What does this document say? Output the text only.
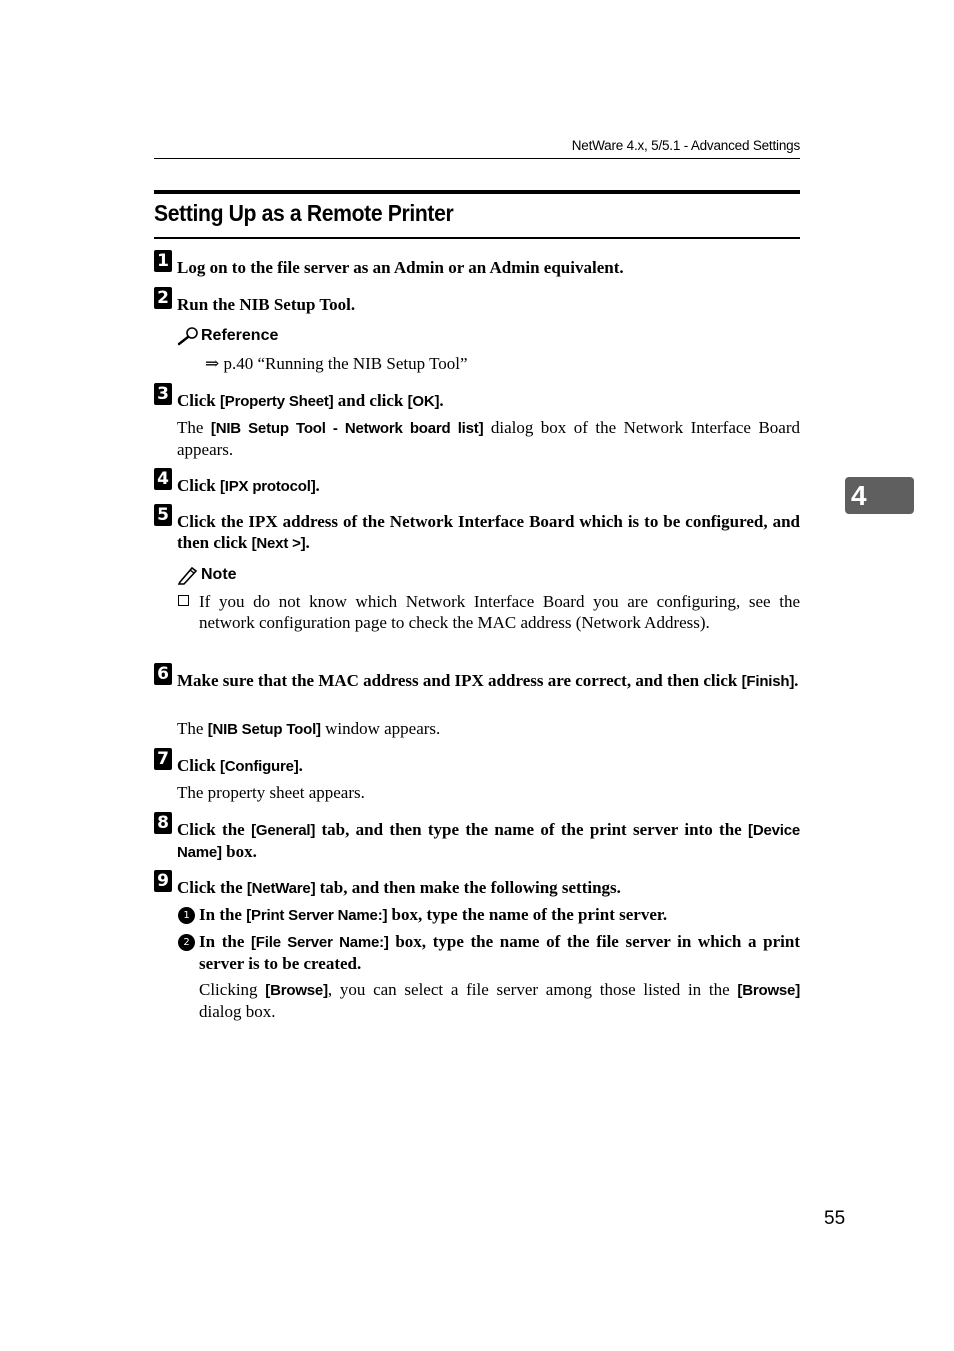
NetWare 4.x, 5/5.1 - Advanced Settings
Setting Up as a Remote Printer
4
1 Log on to the file server as an Admin or an Admin equivalent.
2 Run the NIB Setup Tool.
Reference
⇒ p.40 “Running the NIB Setup Tool”
3 Click [Property Sheet] and click [OK].
The [NIB Setup Tool - Network board list] dialog box of the Network Interface Board appears.
4 Click [IPX protocol].
5 Click the IPX address of the Network Interface Board which is to be configured, and then click [Next >].
Note
If you do not know which Network Interface Board you are configuring, see the network configuration page to check the MAC address (Network Address).
6 Make sure that the MAC address and IPX address are correct, and then click [Finish].
The [NIB Setup Tool] window appears.
7 Click [Configure].
The property sheet appears.
8 Click the [General] tab, and then type the name of the print server into the [Device Name] box.
9 Click the [NetWare] tab, and then make the following settings.
1 In the [Print Server Name:] box, type the name of the print server.
2 In the [File Server Name:] box, type the name of the file server in which a print server is to be created.
Clicking [Browse], you can select a file server among those listed in the [Browse] dialog box.
55
